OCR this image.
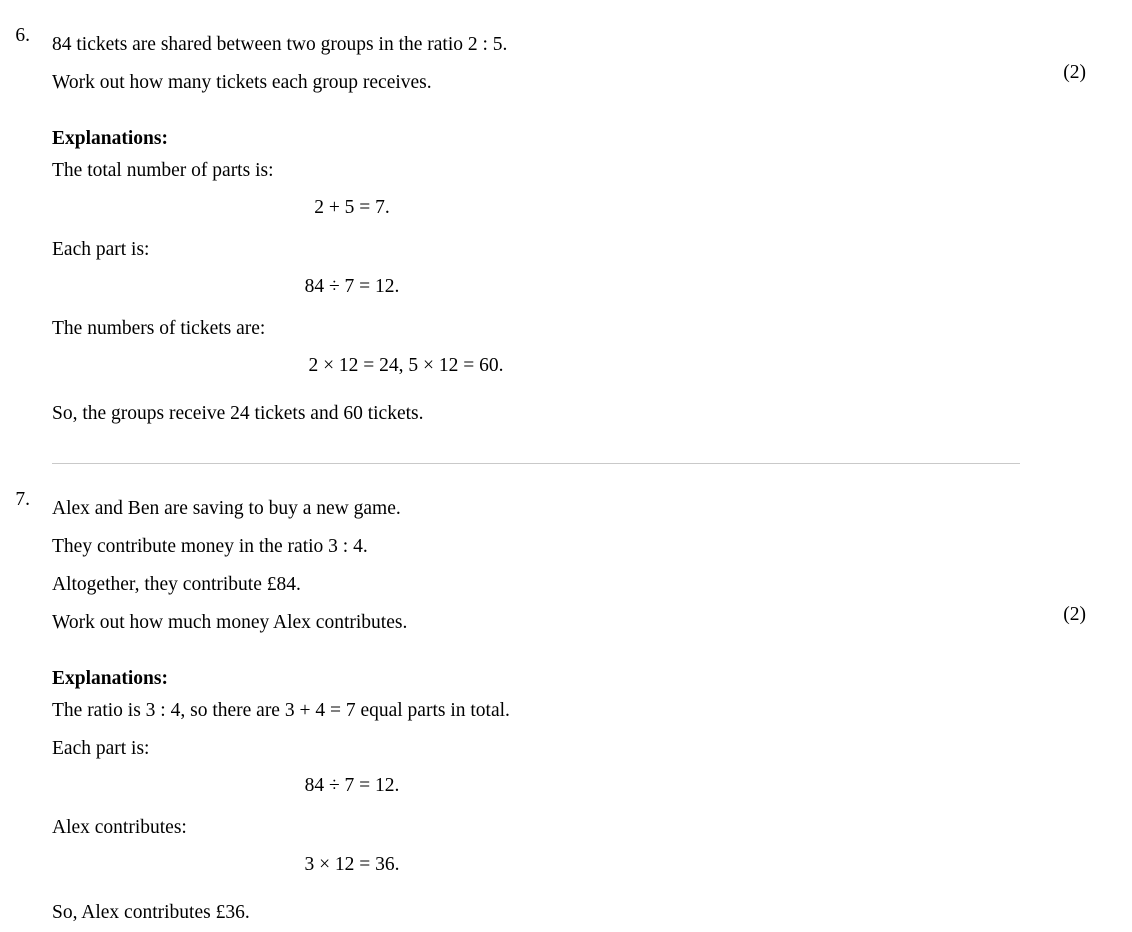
6. 84 tickets are shared between two groups in the ratio 2 : 5.
Work out how many tickets each group receives.
Explanations:
The total number of parts is:
2 + 5 = 7.
Each part is:
84 ÷ 7 = 12.
The numbers of tickets are:
2 × 12 = 24, 5 × 12 = 60.
So, the groups receive 24 tickets and 60 tickets.
(2)
7. Alex and Ben are saving to buy a new game.
They contribute money in the ratio 3 : 4.
Altogether, they contribute £84.
Work out how much money Alex contributes.
Explanations:
The ratio is 3 : 4, so there are 3 + 4 = 7 equal parts in total.
Each part is:
84 ÷ 7 = 12.
Alex contributes:
3 × 12 = 36.
So, Alex contributes £36.
(2)
